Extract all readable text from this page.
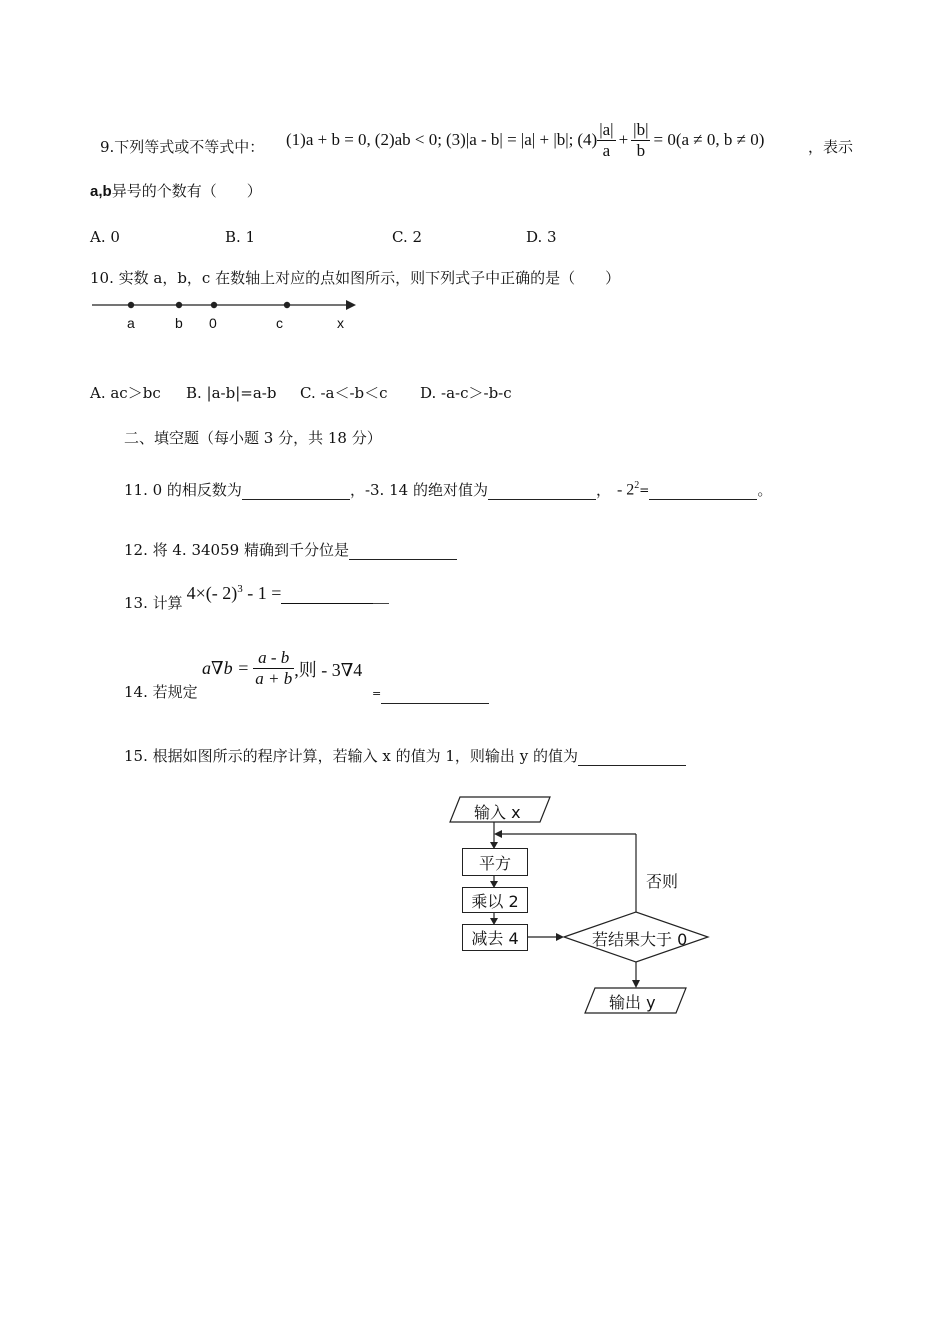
9.下列等式或不等式中： (1)a + b = 0, (2)ab < 0; (3)|a - b| = |a| + |b|; $(4) \frac{|a|}{a} + \frac{|b|}{b} = 0(a \ne 0$, b ≠ 0)	，表示
a,b异号的个数有（　　）
A. 0	B. 1	C. 2	D. 3
10. 实数 a，b，c 在数轴上对应的点如图所示，则下列式子中正确的是（　　）
a	b 0	c	x
A. ac＞bc B. |a-b|=a-b C. -a＜-b＜c D. -a-c＞-b-c
二、填空题（每小题 3 分，共 18 分）
11. 0 的相反数为	，-3. 14 的绝对值为	， - $2^2$ =	。
12. 将 4. 34059 精确到千分位是
13. 计算 4×(- 2)$^3$ - 1 =
14. 若规定
$a\nabla b = \frac{a - b}{a + b}$ ,则 - 3∇4
=
15. 根据如图所示的程序计算，若输入 x 的值为 1，则输出 y 的值为
输入 x
平方
乘以 2
减去 4	若结果大于 0
否则
输出 y
